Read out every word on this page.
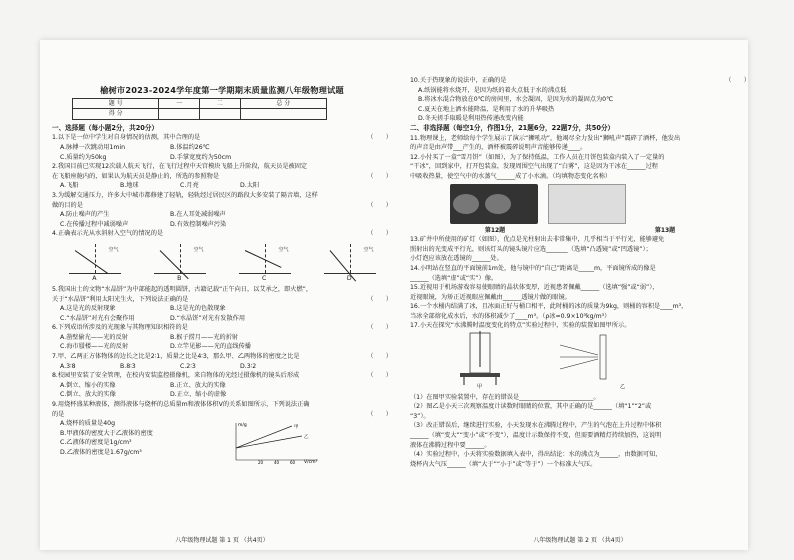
榆树市2023-2024学年度第一学期期末质量监测八年级物理试题
题 号	一	二	总 分
得 分			
一、选择题（每小题2分，共20分）
1.以下是一位中学生对自身情况的估测，其中合理的是	（　　）
A.脉搏一次跳动用1min	B.体温约26℃
C.质量约为50kg	D.手掌宽度约为50cm
2.我国目前已实现12次载人航天飞行，在飞行过程中天宫模块飞船上升阶段，航天员是被固定
在飞船座舱内的，如果认为航天员是静止的，所选的参照物是	（　　）
A.飞船	B.地球	C.月亮	D.太阳
3.为缓解交通压力，许多大中城市都修建了轻轨，轻轨经过居民区的路段大多安装了隔音墙，这样
做的目的是	（　　）
A.防止噪声的产生	B.在人耳处减弱噪声
C.在传播过程中减弱噪声	D.有效控制噪声污染
4.正确表示光从水斜射入空气的情况的是	（　　）
空气	空气	空气	空气
A	B	C	D
5.我国出土的文物“水晶饼”为中部能起的透明圆饼，古籍记载“正午向日，以艾承之，即火燃”，
关于“水晶饼”利用太阳光生火，下列说法正确的是	（　　）
A.这是光的反射现象	B.这是光的色散现象
C.“水晶饼”对光有会聚作用	D.“水晶饼”对光有发散作用
6.下列成语所涉及的光现象与其物理知识相符的是	（　　）
A.凿壁偷光——光的反射	B.猴子捞月——光的折射
C.海市蜃楼——光的反射	D.立竿见影——光的直线传播
7.甲、乙两正方体物体的边长之比是2∶1，质量之比是4∶3，那么甲、乙两物体的密度之比是	（　　）
A.3∶8	B.8∶3	C.2∶3	D.3∶2
8.校园里安装了安全管理，在校内安装监控摄像机，来自物体的光经过摄像机的镜头后形成	（　　）
A.倒立、缩小的实像	B.正立、放大的实像
C.倒立、放大的实像	D.正立、缩小的虚像
9.用烧杯盛某种液体，测得液体与烧杯的总质量m和液体体积V的关系如图所示，下列说法正确
的是	（　　）
A.烧杯的质量是40g
B.甲液体的密度大于乙液体的密度
C.乙液体的密度是1g/cm³
D.乙液体的密度是1.67g/cm³
m/g
V/cm³
20	40	60
甲
乙
八年级物理试题 第 1 页 （共4页）
10.关于热现象的说法中，正确的是	（　　）
A.纸锅能将水烧开，是因为纸的着火点低于水的沸点低
B.将冰水混合物放在0℃的房间里，水会凝固，是因为水的凝固点为0℃
C.夏天在地上洒水能降温，是利用了水的升华吸热
D.冬天搓手取暖是利用热传递改变内能
二、非选择题（每空1分，作图1分，21题6分，22题7分，共50分）
11.物理课上，老师给每个学生展示了演示“狮吼功”，他竭尽全力发出“狮吼声”震碎了酒杯，他发出
的声音是由声带___产生的，酒杯被震碎说明声音能够传递____。
12.小付买了一盒“雪月饼”（如图），为了保持低温，工作人员在月饼包装盒内装入了一定量的
“干冰”，回到家中，打开包装盒，发现周围空气出现了“白雾”，这是因为干冰在______过程
中吸收热量，使空气中的水蒸气______成了小水滴。（均填物态变化名称）

第12题	第13题
13.矿井中所使用的矿灯（如图），优点是光柱射出去非常集中，几乎相当于平行光，能够避免
照射出的光变成平行光，则该灯头的镜头镜片应选_______（选填“凸透镜”或“凹透镜”）；
小灯泡应该放在透镜的______处。
14.小明站在竖直的平面镜前1m处，他与镜中的“自己”距离是_____m，平面镜所成的像是
______（选填“虚”或“实”）像。
15.近视用于机场游戏容易使眼睛的晶状体变厚，近视患者佩戴______（选填“强”或“弱”），
近视眼镜，为矫正近视眼应佩戴由______透镜片做的眼镜。
16.一个水桶内结满了冰，且冰面正好与桶口相平，此时桶的冰的质量为9kg，则桶的容积是____m³，
当冰全部熔化成水后，水的体积减少了____m³。（ρ冰=0.9×10³kg/m³）
17.小天在探究“水沸腾时温度变化的特点”实验过程中，实验的装置如图甲所示。
甲	乙
（1）在图甲实验装置中，存在的错误是________________________。
（2）图乙是小天三次观察温度计读数时眼睛的位置，其中正确的是______（填“1”“2”或
“3”）。
（3）改正错误后，继续进行实验，小天发现水在沸腾过程中，产生的气泡在上升过程中体积
______（填“变大”“变小”或“不变”），温度计示数保持不变，但需要酒精灯持续加热，这说明
液体在沸腾过程中要______。
（4）实验过程中，小天将实验数据填入表中，得出结论：水的沸点为______，由数据可知，
烧杯内大气压______（填“大于”“小于”或“等于”）一个标准大气压。
八年级物理试题 第 2 页 （共4页）
